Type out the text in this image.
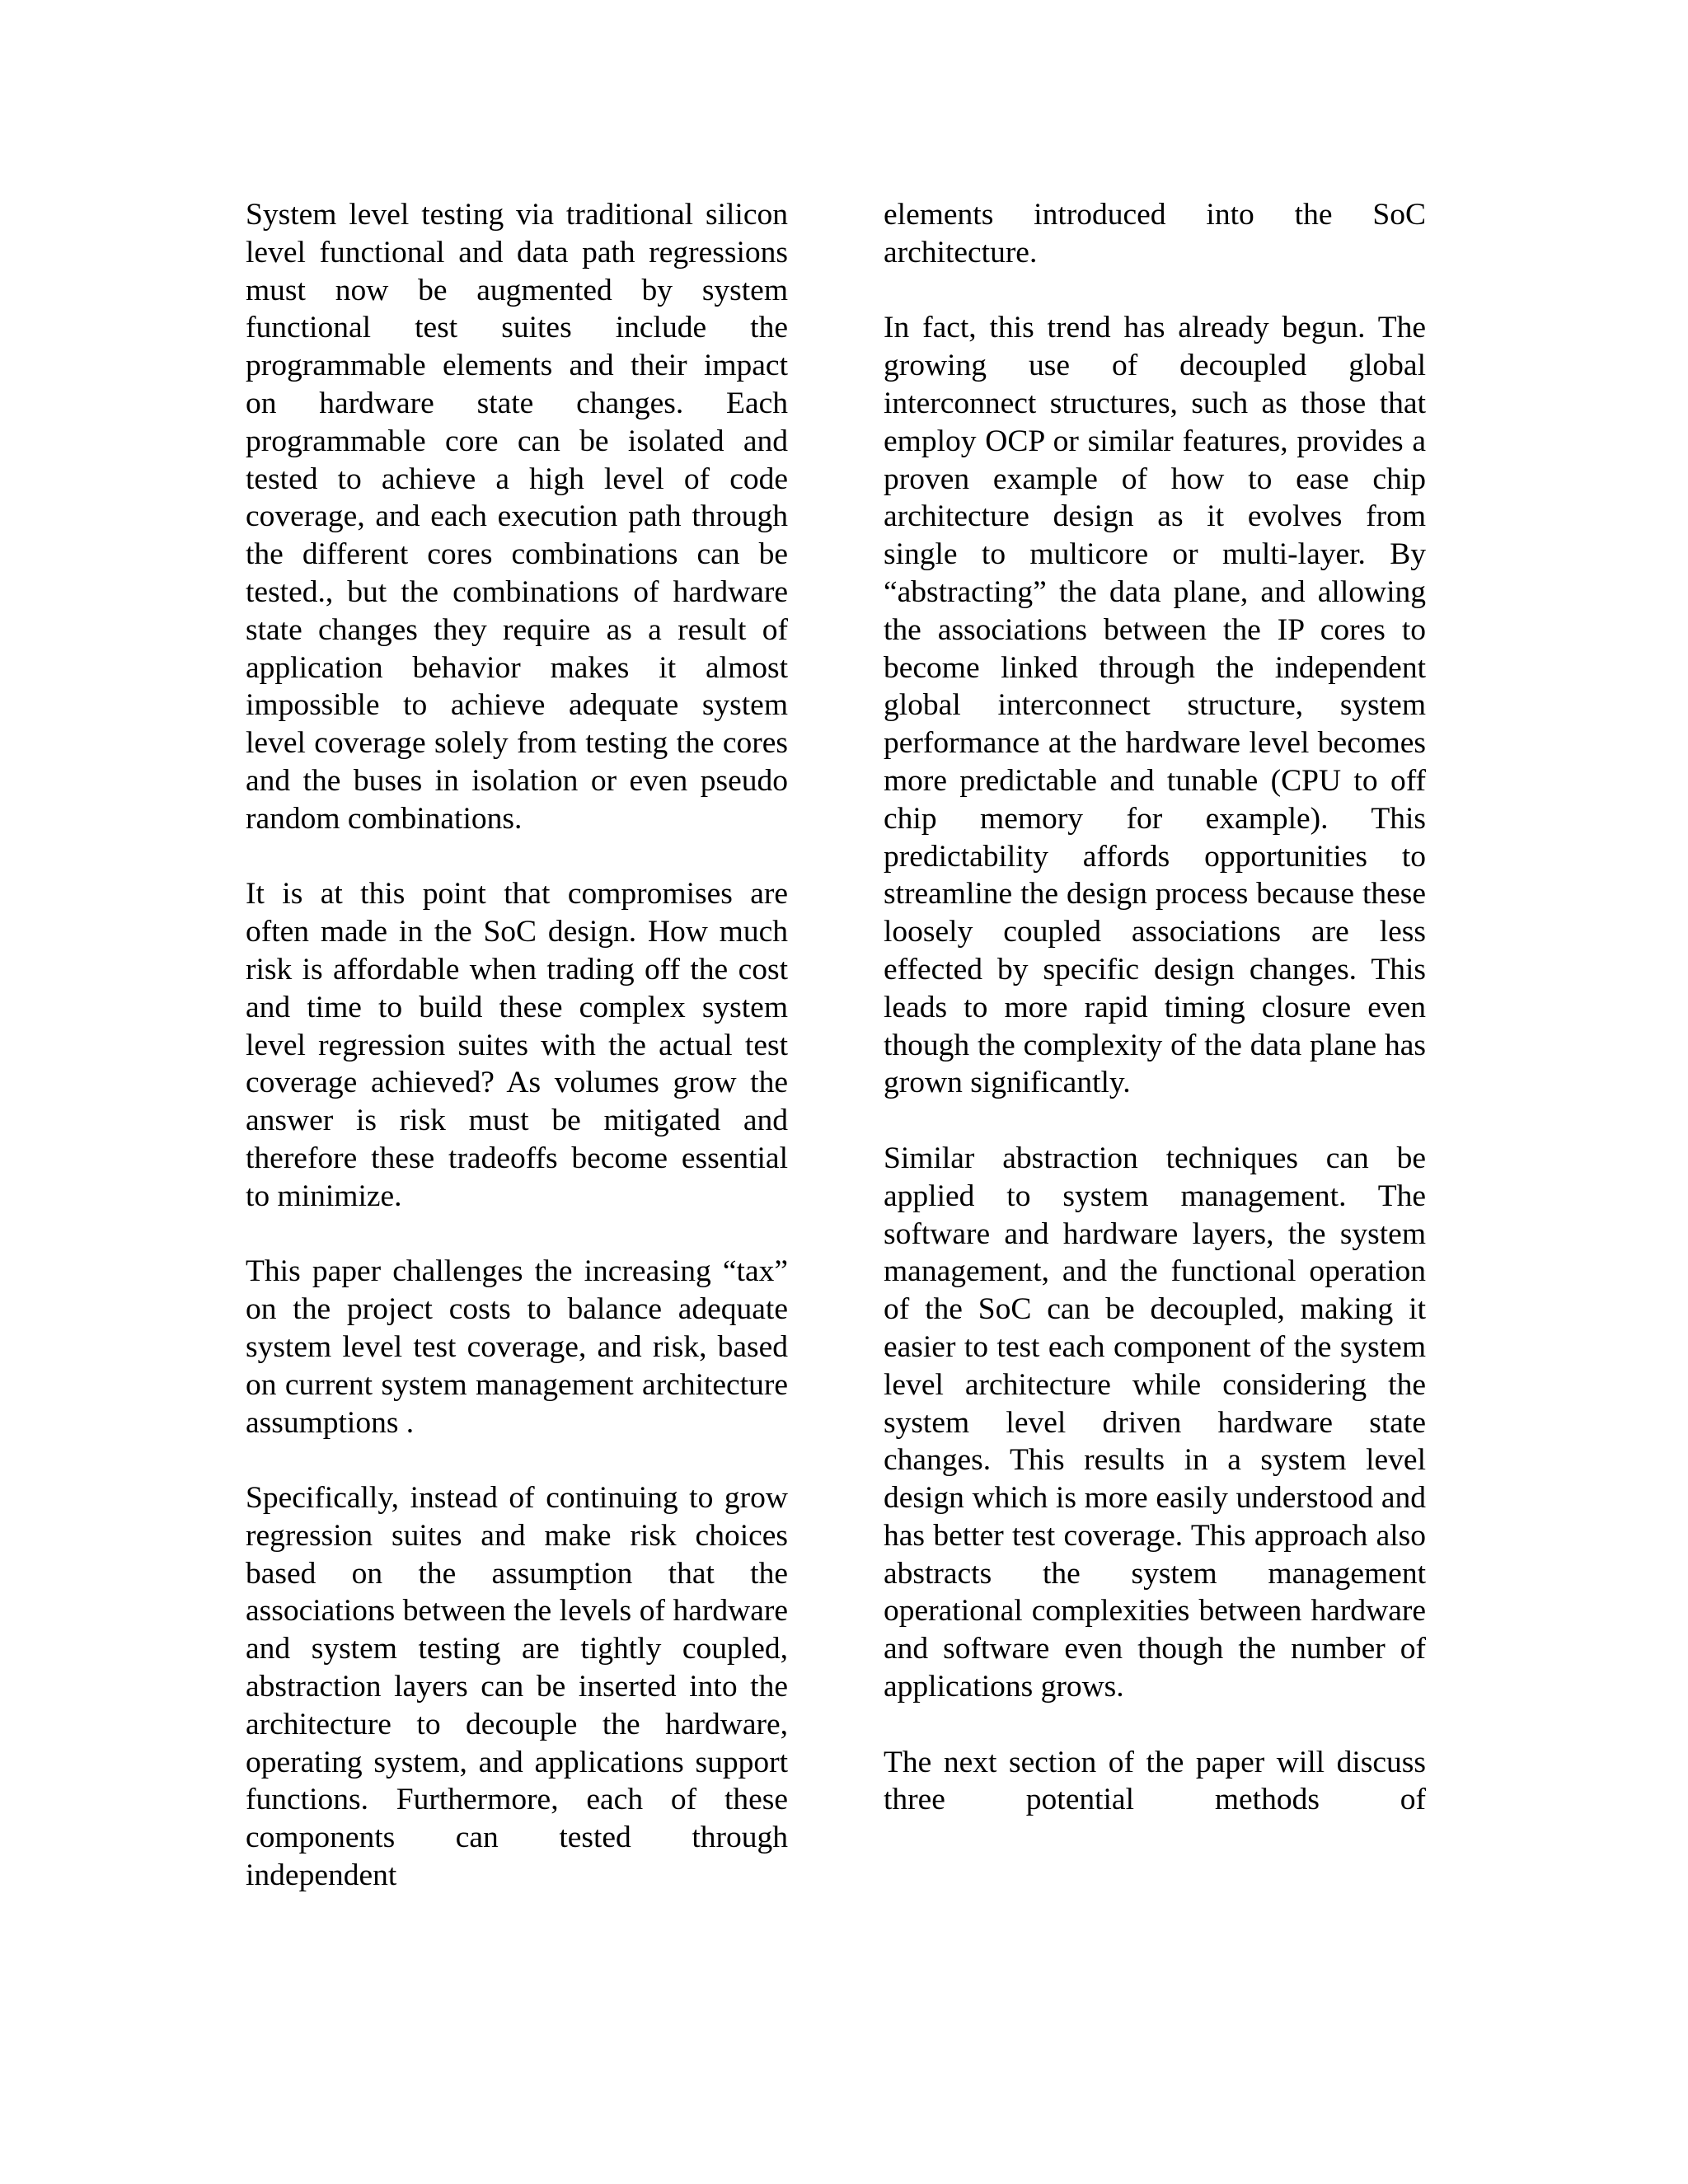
System level testing via traditional silicon level functional and data path regressions must now be augmented by system functional test suites include the programmable elements and their impact on hardware state changes. Each programmable core can be isolated and tested to achieve a high level of code coverage, and each execution path through the different cores combinations can be tested., but the combinations of hardware state changes they require as a result of application behavior makes it almost impossible to achieve adequate system level coverage solely from testing the cores and the buses in isolation or even pseudo random combinations.

It is at this point that compromises are often made in the SoC design. How much risk is affordable when trading off the cost and time to build these complex system level regression suites with the actual test coverage achieved? As volumes grow the answer is risk must be mitigated and therefore these tradeoffs become essential to minimize.

This paper challenges the increasing “tax” on the project costs to balance adequate system level test coverage, and risk, based on current system management architecture assumptions .

Specifically, instead of continuing to grow regression suites and make risk choices based on the assumption that the associations between the levels of hardware and system testing are tightly coupled, abstraction layers can be inserted into the architecture to decouple the hardware, operating system, and applications support functions. Furthermore, each of these components can tested through independent

elements introduced into the SoC architecture.

In fact, this trend has already begun. The growing use of decoupled global interconnect structures, such as those that employ OCP or similar features, provides a proven example of how to ease chip architecture design as it evolves from single to multicore or multi-layer. By “abstracting” the data plane, and allowing the associations between the IP cores to become linked through the independent global interconnect structure, system performance at the hardware level becomes more predictable and tunable (CPU to off chip memory for example). This predictability affords opportunities to streamline the design process because these loosely coupled associations are less effected by specific design changes. This leads to more rapid timing closure even though the complexity of the data plane has grown significantly.

Similar abstraction techniques can be applied to system management. The software and hardware layers, the system management, and the functional operation of the SoC can be decoupled, making it easier to test each component of the system level architecture while considering the system level driven hardware state changes. This results in a system level design which is more easily understood and has better test coverage. This approach also abstracts the system management operational complexities between hardware and software even though the number of applications grows.

The next section of the paper will discuss three potential methods of
